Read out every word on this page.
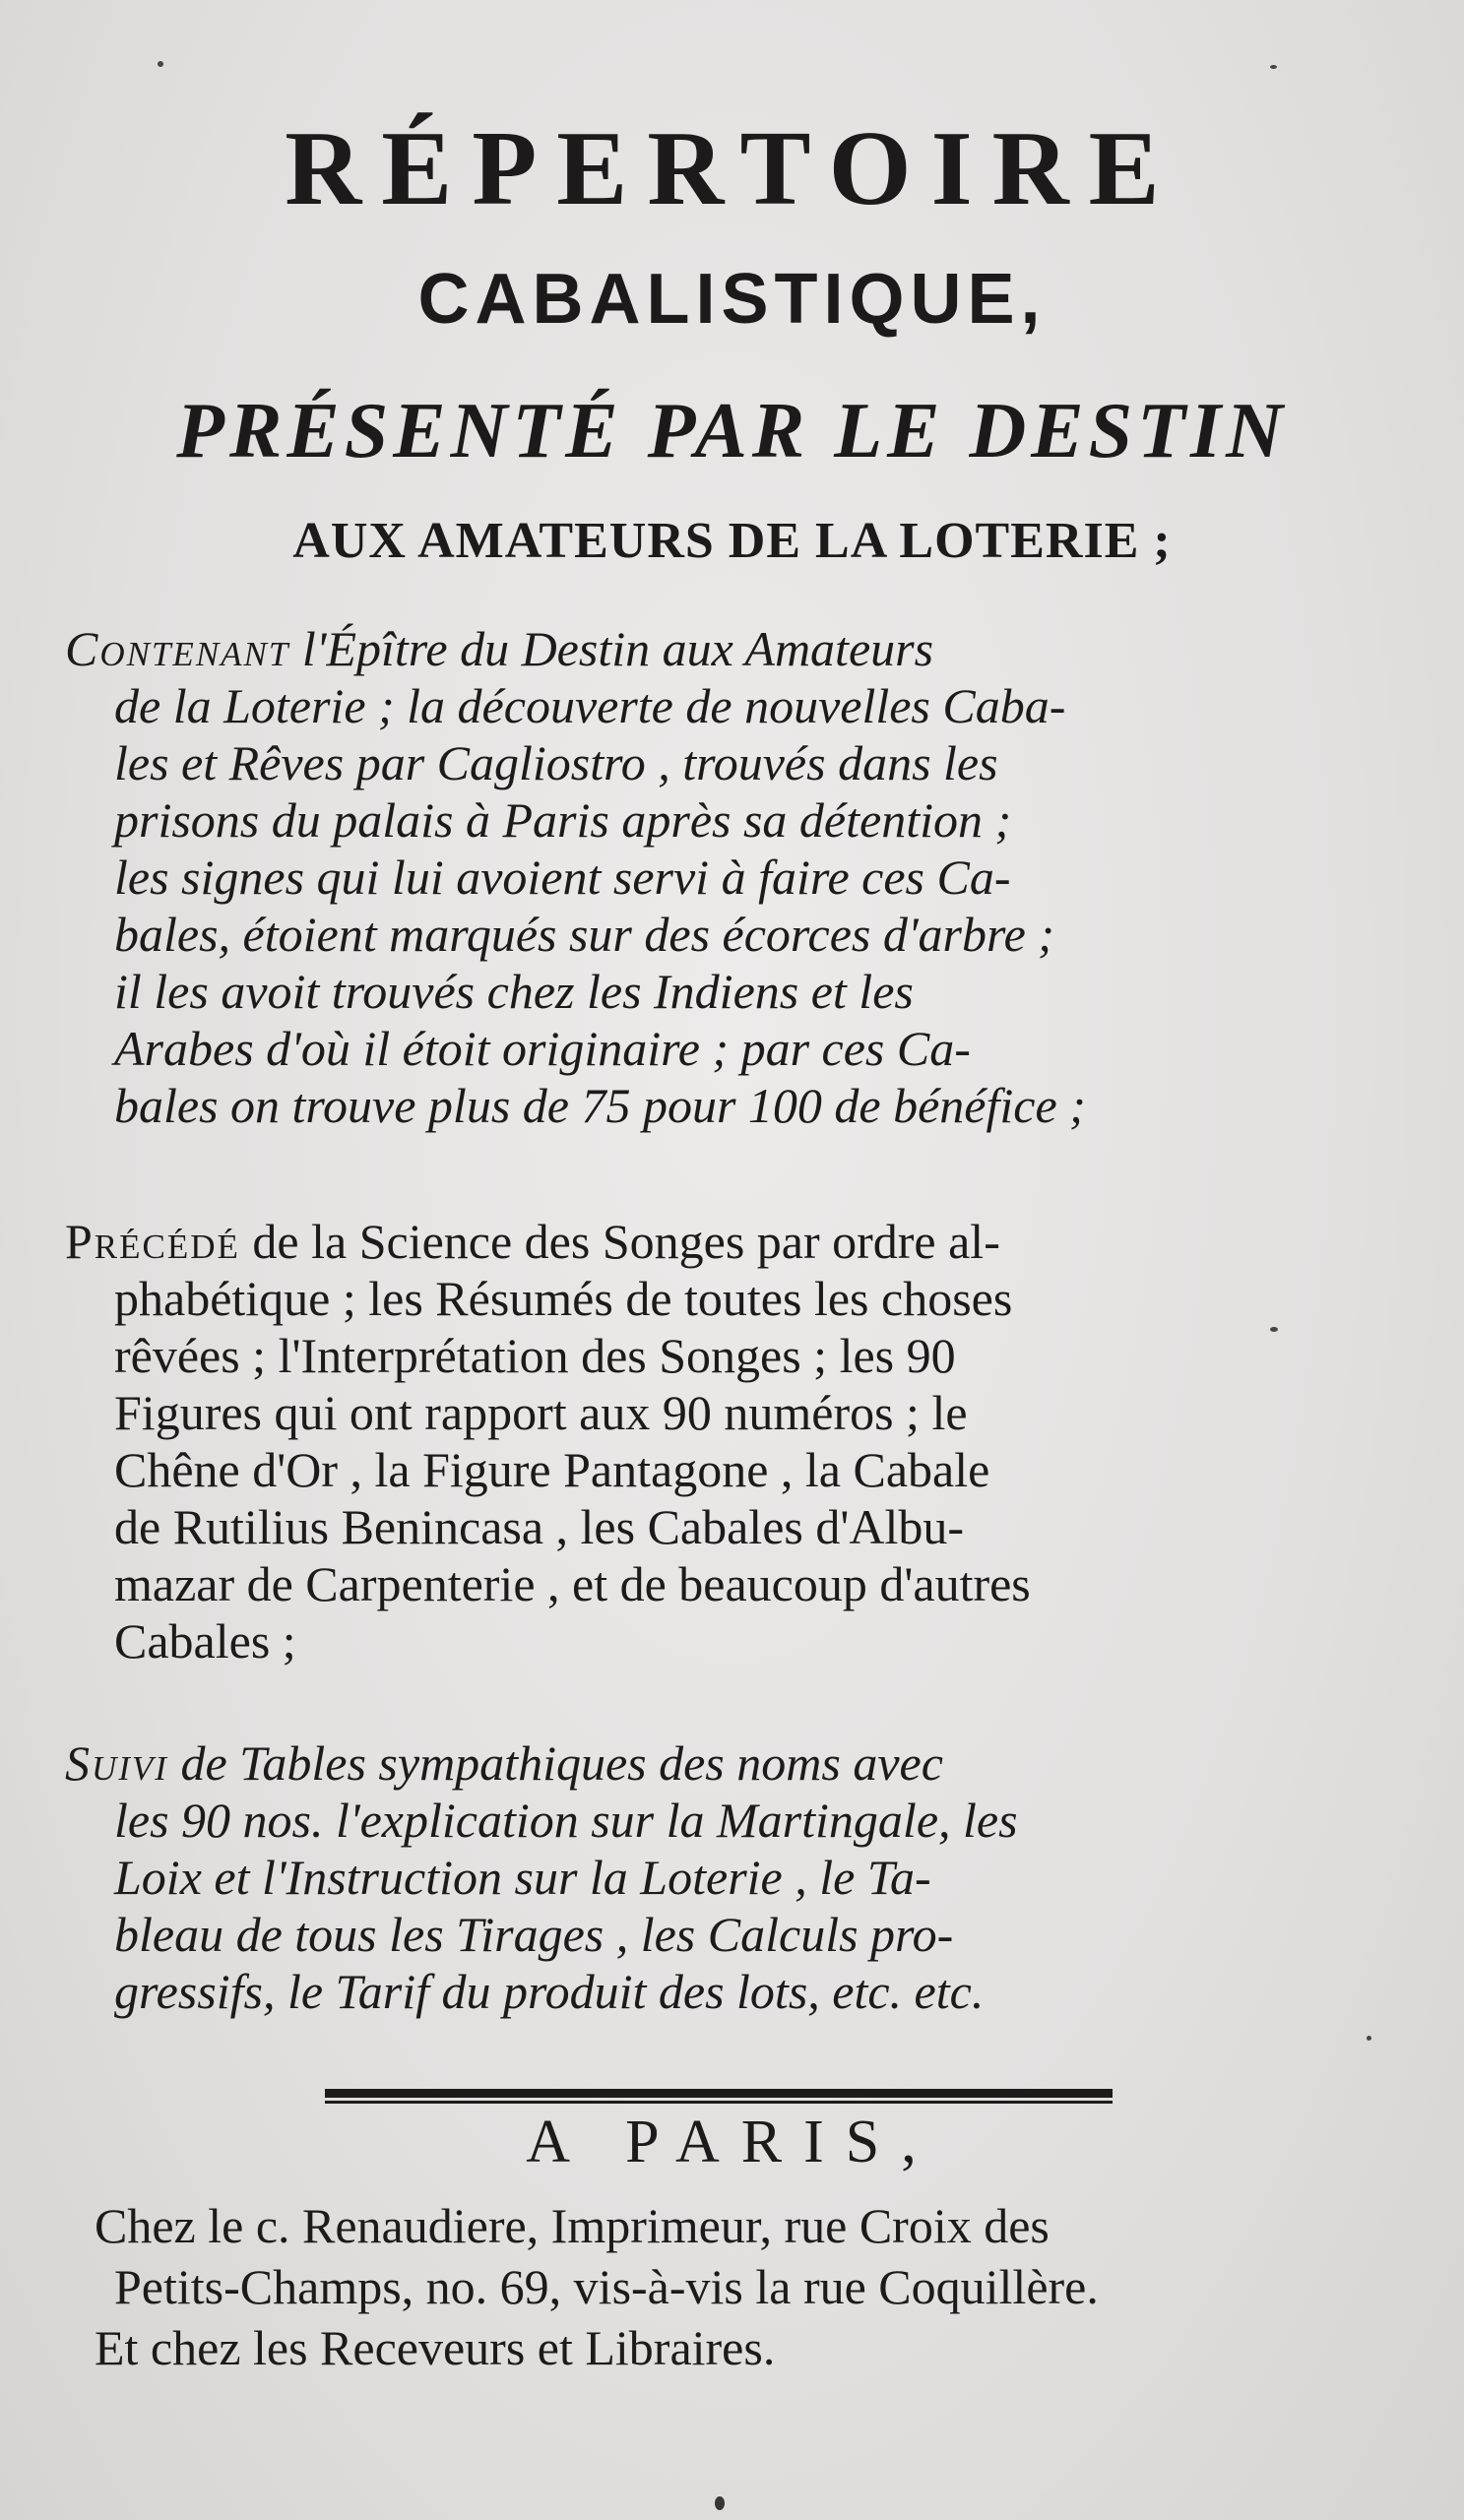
RÉPERTOIRE
CABALISTIQUE,
PRÉSENTÉ PAR LE DESTIN
AUX AMATEURS DE LA LOTERIE ;
Contenant l'Épître du Destin aux Amateurs
de la Loterie ; la découverte de nouvelles Caba-
les et Rêves par Cagliostro , trouvés dans les
prisons du palais à Paris après sa détention ;
les signes qui lui avoient servi à faire ces Ca-
bales, étoient marqués sur des écorces d'arbre ;
il les avoit trouvés chez les Indiens et les
Arabes d'où il étoit originaire ; par ces Ca-
bales on trouve plus de 75 pour 100 de bénéfice ;
Précédé de la Science des Songes par ordre al-
phabétique ; les Résumés de toutes les choses
rêvées ; l'Interprétation des Songes ; les 90
Figures qui ont rapport aux 90 numéros ; le
Chêne d'Or , la Figure Pantagone , la Cabale
de Rutilius Benincasa , les Cabales d'Albu-
mazar de Carpenterie , et de beaucoup d'autres
Cabales ;
Suivi de Tables sympathiques des noms avec
les 90 nos. l'explication sur la Martingale, les
Loix et l'Instruction sur la Loterie , le Ta-
bleau de tous les Tirages , les Calculs pro-
gressifs, le Tarif du produit des lots, etc. etc.
A PARIS,
Chez le c. Renaudiere, Imprimeur, rue Croix des
Petits-Champs, no. 69, vis-à-vis la rue Coquillère.
Et chez les Receveurs et Libraires.
